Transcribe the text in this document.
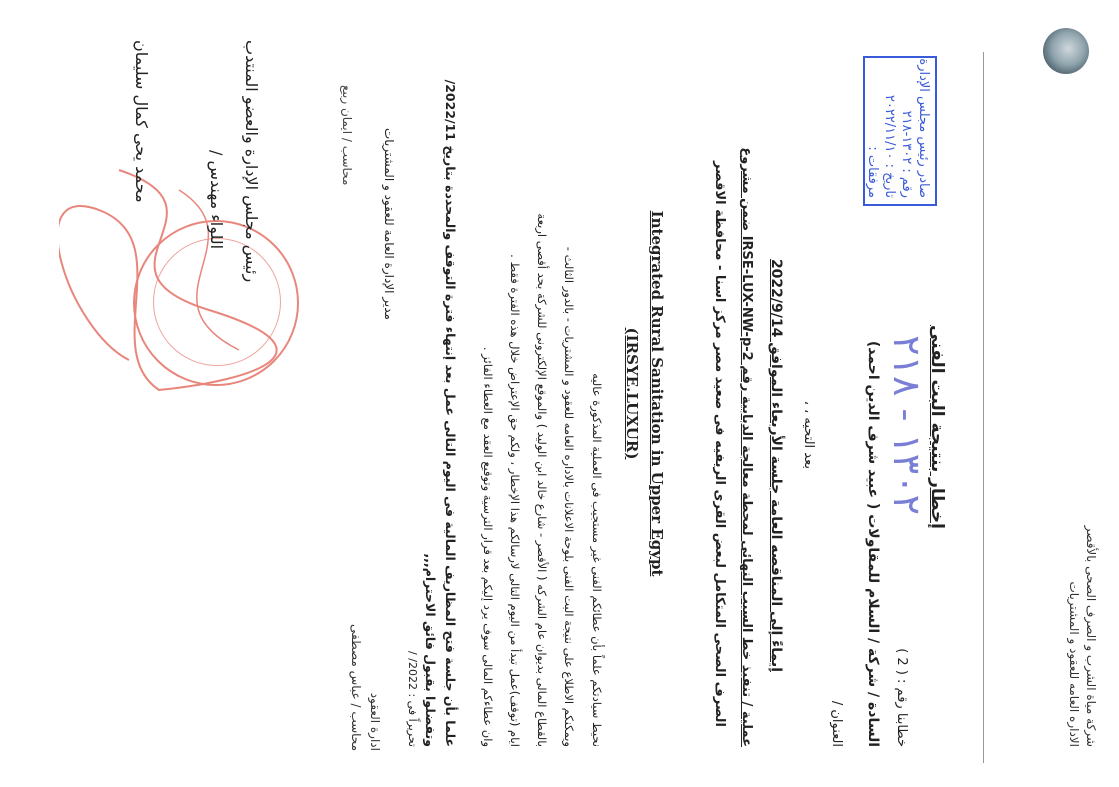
شركة مياة الشرب و الصرف الصحى بالأقصر
الاداره العامه للعقود و المشتريات
إخطار بنتيجة البت الفنى
صادر رئيس مجلس الإدارة
رقم : ١٣٠٢-٢١٨
تاريخ : ٢٠٢٢/١١/١٠
مرفقات :
خطابنا رقم : ( 2 )
١٣٠٢ - ٢١٨
السادة / شركة / السلام للمقاولات ( عبيد شرف الدين احمد)
العنوان /
بعد التحيه ، ،
إيماءً إلى المناقصه العامة جلسة الأربعاء الموافق 2022/9/14
عملية / تنفيذ خط السيب النهائى لمحطة معالجة الدبابية رقم IRSE-LUX-NW-p-2 ضمن مشروع
الصرف الصحى المتكامل لبعض القرى الريفيه فى صعيد مصر مركز اسنا - محافظة الاقصر
Integrated Rural Sanitation in Upper Egypt
(IRSYE.LUXUR)
نحيط سيادتكم علماً بأن عطائكم الفنى غير مستجيب فى العملية المذكورة عاليه
ويمكنكم الاطلاع على نتيجة البت الفنى بلوحة الاعلانات بالاداره العامه للعقود و المشتريات - بالدور الثالث -
بالقطاع المالى بديوان عام الشركه ( الأقصر - شارع خالد ابن الوليد ) والموقع الإلكترونى للشركة بحد أقصى اربعة
ايام (توقف)عمل تبدأ من اليوم التالى لارسالكم هذا الإخطار ، ولكم حق الإعتراض خلال هذه الفترة فقط .
وان عطاءكم المالى سوف يرد إليكم بعد قرار الترسية وتوقيع العقد مع العطاء الفائز .
علما بأن جلسة فتح المظاريف المالية فى اليوم التالى عمل بعد إنتهاء فترة التوقف والمحددة بتاريخ 2022/11/
وتفضلوا بقبول فائق الاحترام,,,
تحريراً فى : 2022/ /
مدير الإدارة العامة للعقود و المشتريات
محاسب / ايمان ربيع
ادارة العقود
محاسب / عباس مصطفى
رئيس مجلس الإدارة والعضو المنتدب
اللواء مهندس /
محمد يحى كمال سليمان
